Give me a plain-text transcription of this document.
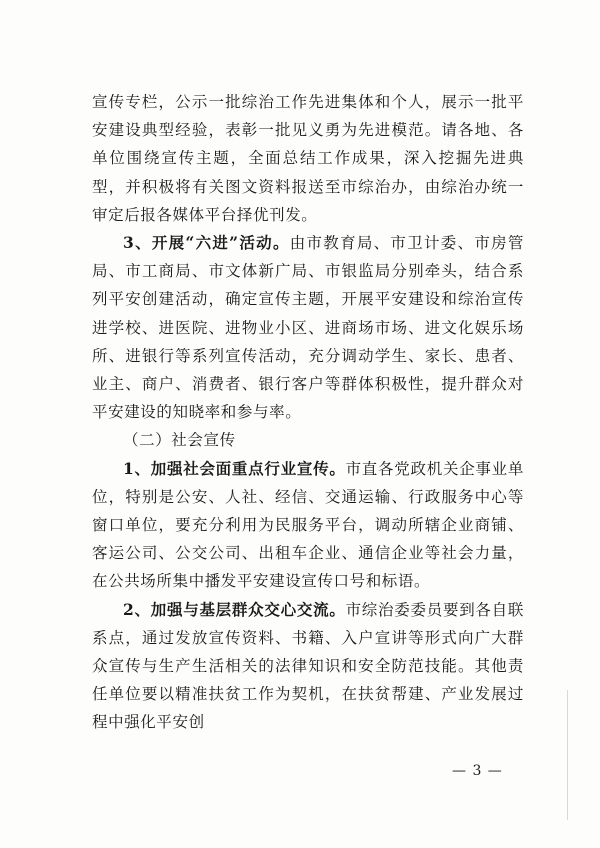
宣传专栏，公示一批综治工作先进集体和个人，展示一批平安建设典型经验，表彰一批见义勇为先进模范。请各地、各单位围绕宣传主题，全面总结工作成果，深入挖掘先进典型，并积极将有关图文资料报送至市综治办，由综治办统一审定后报各媒体平台择优刊发。

3、开展“六进”活动。由市教育局、市卫计委、市房管局、市工商局、市文体新广局、市银监局分别牵头，结合系列平安创建活动，确定宣传主题，开展平安建设和综治宣传进学校、进医院、进物业小区、进商场市场、进文化娱乐场所、进银行等系列宣传活动，充分调动学生、家长、患者、业主、商户、消费者、银行客户等群体积极性，提升群众对平安建设的知晓率和参与率。

（二）社会宣传

1、加强社会面重点行业宣传。市直各党政机关企事业单位，特别是公安、人社、经信、交通运输、行政服务中心等窗口单位，要充分利用为民服务平台，调动所辖企业商铺、客运公司、公交公司、出租车企业、通信企业等社会力量，在公共场所集中播发平安建设宣传口号和标语。

2、加强与基层群众交心交流。市综治委委员要到各自联系点，通过发放宣传资料、书籍、入户宣讲等形式向广大群众宣传与生产生活相关的法律知识和安全防范技能。其他责任单位要以精准扶贫工作为契机，在扶贫帮建、产业发展过程中强化平安创

— 3 —
